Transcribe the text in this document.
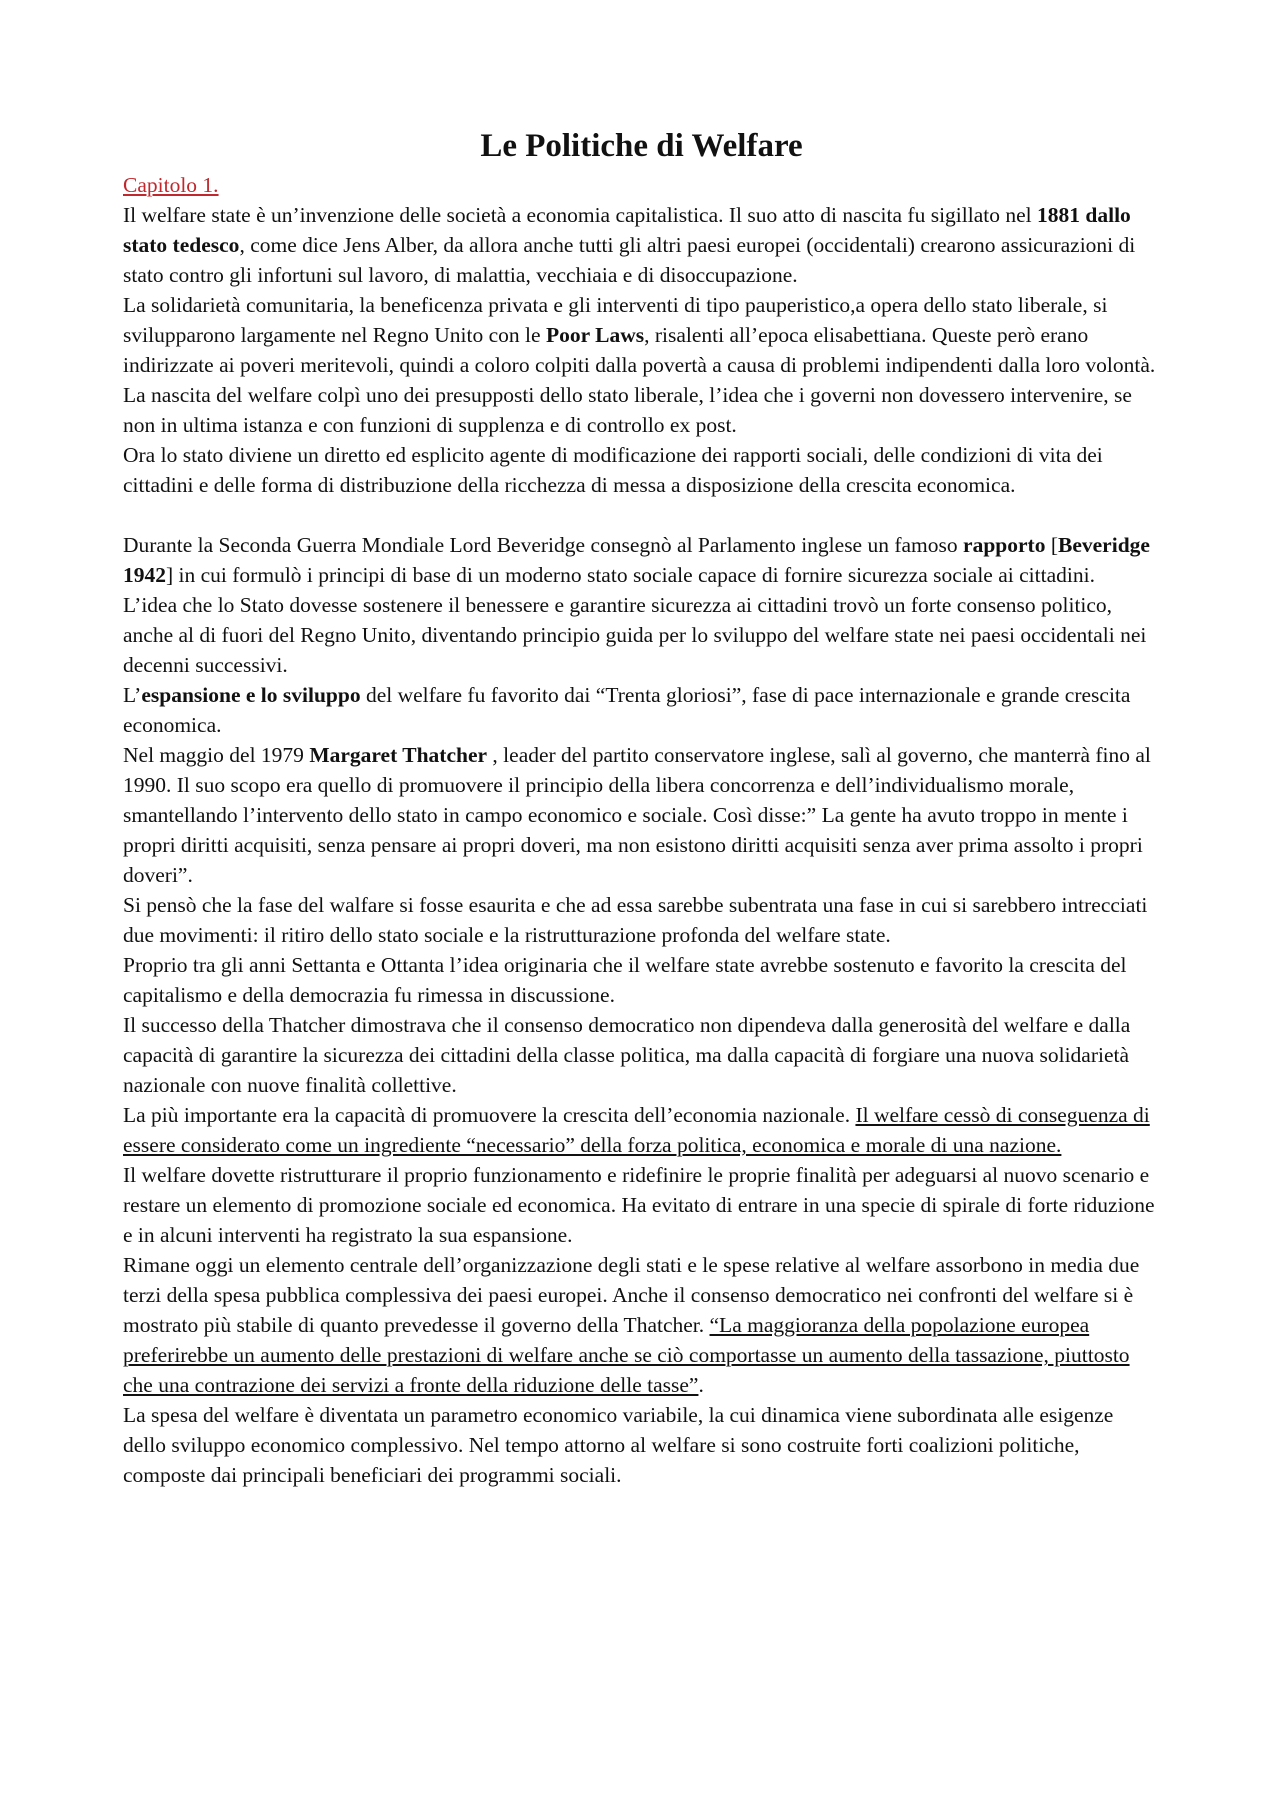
Le Politiche di Welfare
Capitolo 1.

Il welfare state è un’invenzione delle società a economia capitalistica. Il suo atto di nascita fu sigillato nel 1881 dallo stato tedesco, come dice Jens Alber, da allora anche tutti gli altri paesi europei (occidentali) crearono assicurazioni di stato contro gli infortuni sul lavoro, di malattia, vecchiaia e di disoccupazione.

La solidarietà comunitaria, la beneficenza privata e gli interventi di tipo pauperistico,a opera dello stato liberale, si svilupparono largamente nel Regno Unito con le Poor Laws, risalenti all’epoca elisabettiana. Queste però erano indirizzate ai poveri meritevoli, quindi a coloro colpiti dalla povertà a causa di problemi indipendenti dalla loro volontà.

La nascita del welfare colpì uno dei presupposti dello stato liberale, l’idea che i governi non dovessero intervenire, se non in ultima istanza e con funzioni di supplenza e di controllo ex post.

Ora lo stato diviene un diretto ed esplicito agente di modificazione dei rapporti sociali, delle condizioni di vita dei cittadini e delle forma di distribuzione della ricchezza di messa a disposizione della crescita economica.

Durante la Seconda Guerra Mondiale Lord Beveridge consegnò al Parlamento inglese un famoso rapporto [Beveridge 1942] in cui formulò i principi di base di un moderno stato sociale capace di fornire sicurezza sociale ai cittadini.

L’idea che lo Stato dovesse sostenere il benessere e garantire sicurezza ai cittadini trovò un forte consenso politico, anche al di fuori del Regno Unito, diventando principio guida per lo sviluppo del welfare state nei paesi occidentali nei decenni successivi.

L’espansione e lo sviluppo del welfare fu favorito dai “Trenta gloriosi”, fase di pace internazionale e grande crescita economica.

Nel maggio del 1979 Margaret Thatcher , leader del partito conservatore inglese, salì al governo, che manterrà fino al 1990. Il suo scopo era quello di promuovere il principio della libera concorrenza e dell’individualismo morale, smantellando l’intervento dello stato in campo economico e sociale. Così disse:” La gente ha avuto troppo in mente i propri diritti acquisiti, senza pensare ai propri doveri, ma non esistono diritti acquisiti senza aver prima assolto i propri doveri”.

Si pensò che la fase del walfare si fosse esaurita e che ad essa sarebbe subentrata una fase in cui si sarebbero intrecciati due movimenti: il ritiro dello stato sociale e la ristrutturazione profonda del welfare state.

Proprio tra gli anni Settanta e Ottanta l’idea originaria che il welfare state avrebbe sostenuto e favorito la crescita del capitalismo e della democrazia fu rimessa in discussione.

Il successo della Thatcher dimostrava che il consenso democratico non dipendeva dalla generosità del welfare e dalla capacità di garantire la sicurezza dei cittadini della classe politica, ma dalla capacità di forgiare una nuova solidarietà nazionale con nuove finalità collettive.

La più importante era la capacità di promuovere la crescita dell’economia nazionale. Il welfare cessò di conseguenza di essere considerato come un ingrediente “necessario” della forza politica, economica e morale di una nazione.

Il welfare dovette ristrutturare il proprio funzionamento e ridefinire le proprie finalità per adeguarsi al nuovo scenario e restare un elemento di promozione sociale ed economica. Ha evitato di entrare in una specie di spirale di forte riduzione e in alcuni interventi ha registrato la sua espansione.

Rimane oggi un elemento centrale dell’organizzazione degli stati e le spese relative al welfare assorbono in media due terzi della spesa pubblica complessiva dei paesi europei. Anche il consenso democratico nei confronti del welfare si è mostrato più stabile di quanto prevedesse il governo della Thatcher. “La maggioranza della popolazione europea preferirebbe un aumento delle prestazioni di welfare anche se ciò comportasse un aumento della tassazione, piuttosto che una contrazione dei servizi a fronte della riduzione delle tasse”.

La spesa del welfare è diventata un parametro economico variabile, la cui dinamica viene subordinata alle esigenze dello sviluppo economico complessivo. Nel tempo attorno al welfare si sono costruite forti coalizioni politiche, composte dai principali beneficiari dei programmi sociali.
